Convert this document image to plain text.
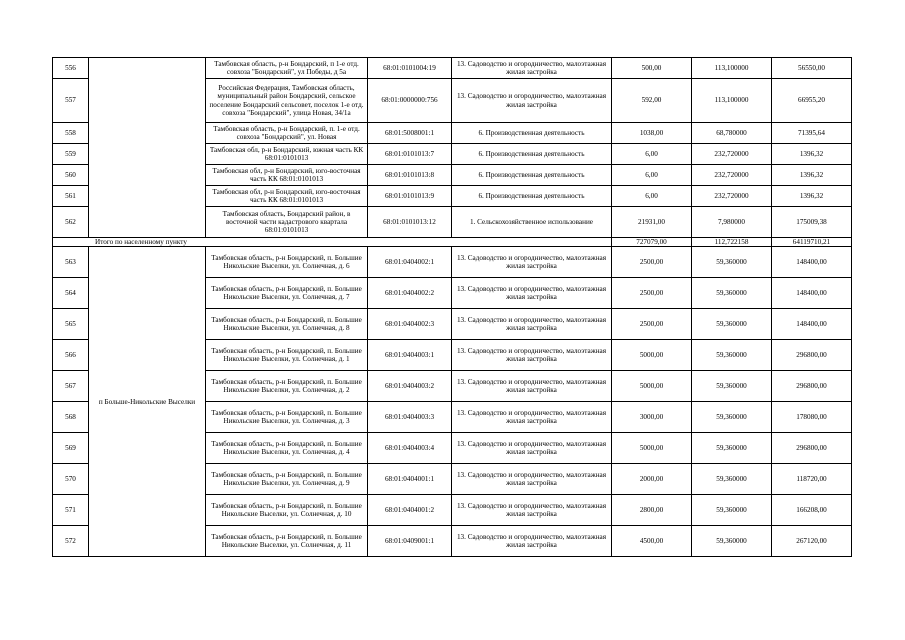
556		Тамбовская область, р-н Бондарский, п 1-е отд. совхоза "Бондарский", ул Победы, д 5а	68:01:0101004:19	13. Садоводство и огородничество, малоэтажная жилая застройка	500,00	113,100000	56550,00
557		Российская Федерация, Тамбовская область, муниципальный район Бондарский, сельское поселение Бондарский сельсовет, поселок 1-е отд. совхоза "Бондарский", улица Новая, 34/1а	68:01:0000000:756	13. Садоводство и огородничество, малоэтажная жилая застройка	592,00	113,100000	66955,20
558		Тамбовская область, р-н Бондарский, п. 1-е отд. совхоза "Бондарский", ул. Новая	68:01:5008001:1	6. Производственная деятельность	1038,00	68,780000	71395,64
559		Тамбовская обл, р-н Бондарский, южная часть КК 68:01:0101013	68:01:0101013:7	6. Производственная деятельность	6,00	232,720000	1396,32
560		Тамбовская обл, р-н Бондарский, юго-восточная часть КК 68:01:0101013	68:01:0101013:8	6. Производственная деятельность	6,00	232,720000	1396,32
561		Тамбовская обл, р-н Бондарский, юго-восточная часть КК 68:01:0101013	68:01:0101013:9	6. Производственная деятельность	6,00	232,720000	1396,32
562		Тамбовская область, Бондарский район, в восточной части кадастрового квартала 68:01:0101013	68:01:0101013:12	1. Сельскохозяйственное использование	21931,00	7,980000	175009,38
Итого по населенному пункту					727079,00	112,722158	64119710,21
563	п Больше-Никольские Выселки	Тамбовская область, р-н Бондарский, п. Большие Никольские Выселки, ул. Солнечная, д. 6	68:01:0404002:1	13. Садоводство и огородничество, малоэтажная жилая застройка	2500,00	59,360000	148400,00
564		Тамбовская область, р-н Бондарский, п. Большие Никольские Выселки, ул. Солнечная, д. 7	68:01:0404002:2	13. Садоводство и огородничество, малоэтажная жилая застройка	2500,00	59,360000	148400,00
565		Тамбовская область, р-н Бондарский, п. Большие Никольские Выселки, ул. Солнечная, д. 8	68:01:0404002:3	13. Садоводство и огородничество, малоэтажная жилая застройка	2500,00	59,360000	148400,00
566		Тамбовская область, р-н Бондарский, п. Большие Никольские Выселки, ул. Солнечная, д. 1	68:01:0404003:1	13. Садоводство и огородничество, малоэтажная жилая застройка	5000,00	59,360000	296800,00
567		Тамбовская область, р-н Бондарский, п. Большие Никольские Выселки, ул. Солнечная, д. 2	68:01:0404003:2	13. Садоводство и огородничество, малоэтажная жилая застройка	5000,00	59,360000	296800,00
568		Тамбовская область, р-н Бондарский, п. Большие Никольские Выселки, ул. Солнечная, д. 3	68:01:0404003:3	13. Садоводство и огородничество, малоэтажная жилая застройка	3000,00	59,360000	178080,00
569		Тамбовская область, р-н Бондарский, п. Большие Никольские Выселки, ул. Солнечная, д. 4	68:01:0404003:4	13. Садоводство и огородничество, малоэтажная жилая застройка	5000,00	59,360000	296800,00
570		Тамбовская область, р-н Бондарский, п. Большие Никольские Выселки, ул. Солнечная, д. 9	68:01:0404001:1	13. Садоводство и огородничество, малоэтажная жилая застройка	2000,00	59,360000	118720,00
571		Тамбовская область, р-н Бондарский, п. Большие Никольские Выселки, ул. Солнечная, д. 10	68:01:0404001:2	13. Садоводство и огородничество, малоэтажная жилая застройка	2800,00	59,360000	166208,00
572		Тамбовская область, р-н Бондарский, п. Большие Никольские Выселки, ул. Солнечная, д. 11	68:01:0409001:1	13. Садоводство и огородничество, малоэтажная жилая застройка	4500,00	59,360000	267120,00
